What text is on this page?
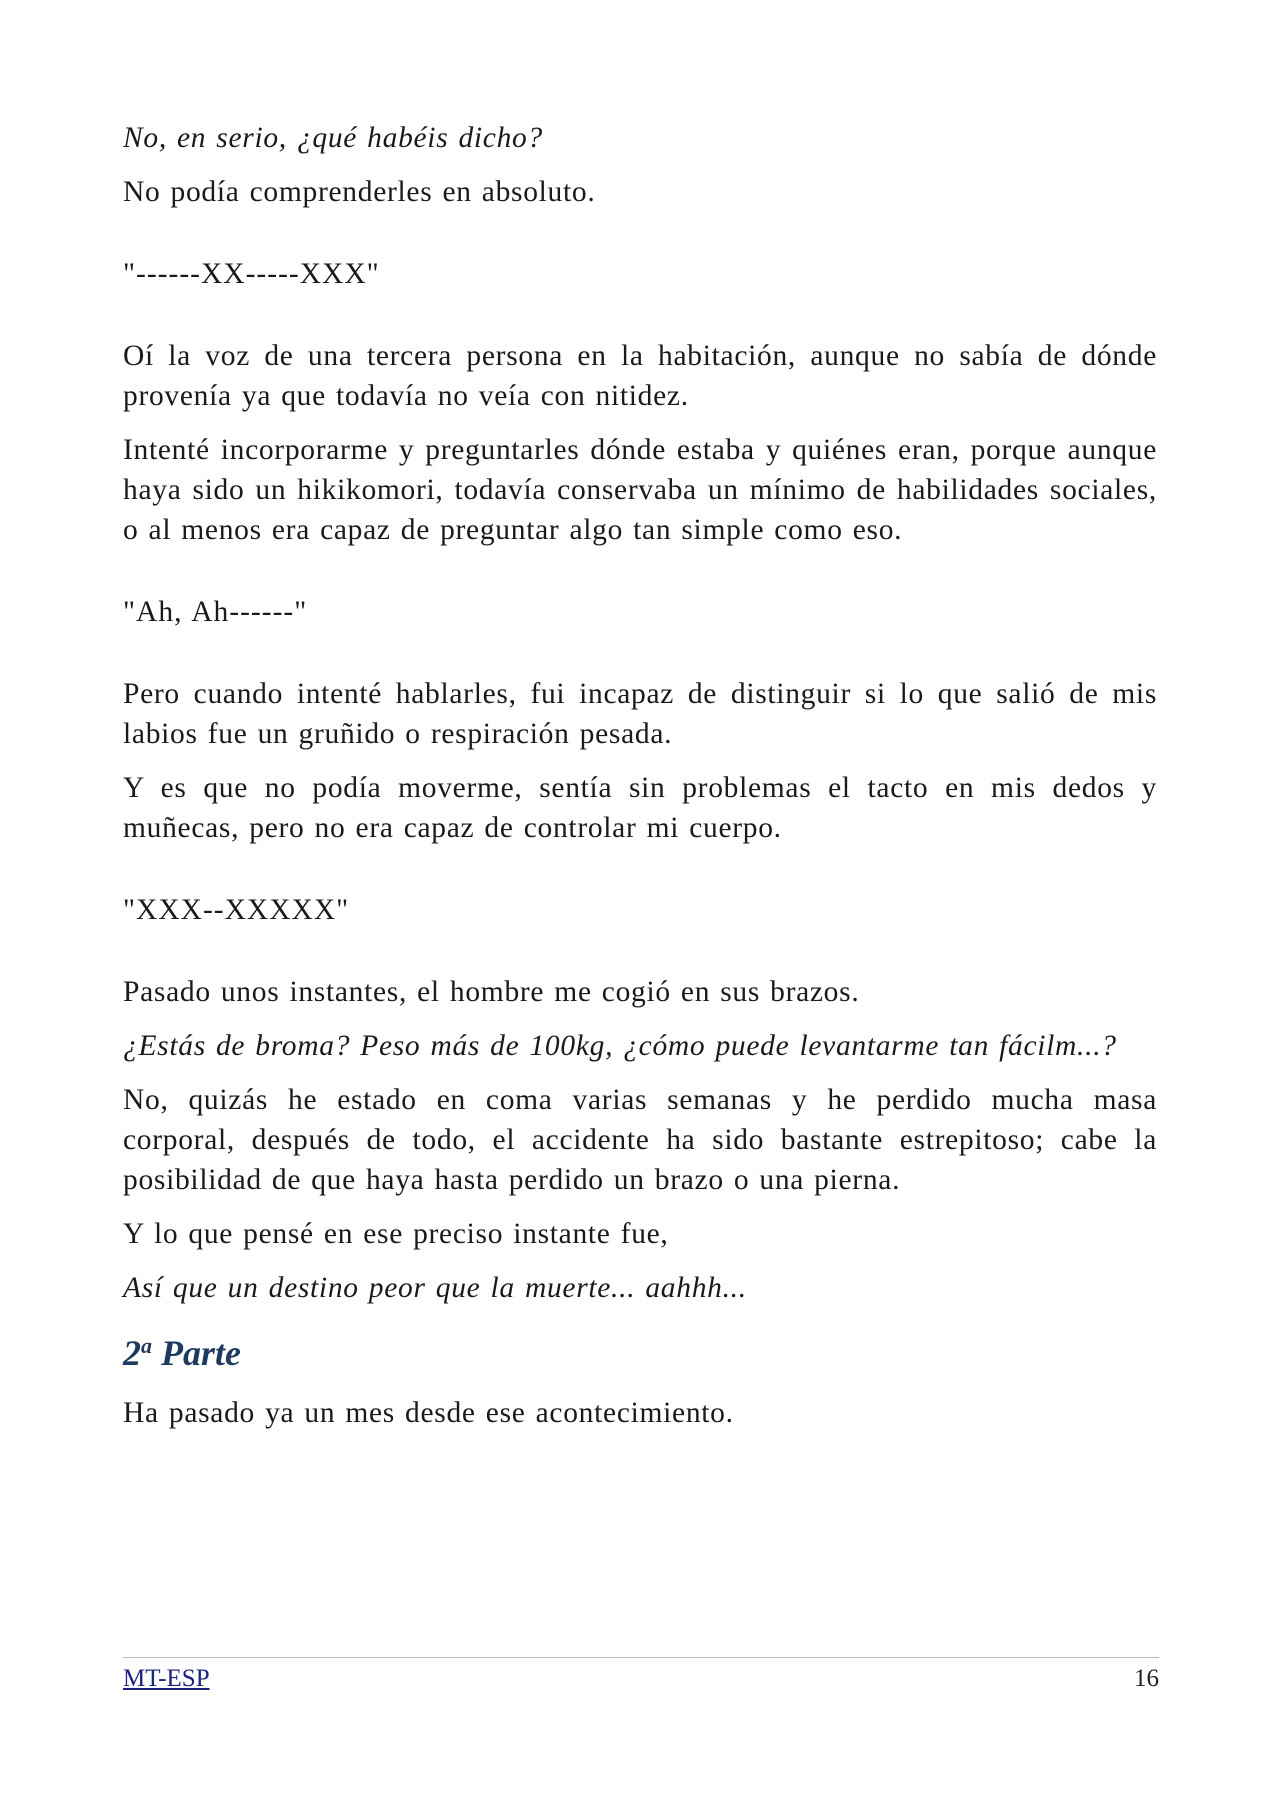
No, en serio, ¿qué habéis dicho?

No podía comprenderles en absoluto.

"------XX-----XXX"

Oí la voz de una tercera persona en la habitación, aunque no sabía de dónde provenía ya que todavía no veía con nitidez.

Intenté incorporarme y preguntarles dónde estaba y quiénes eran, porque aunque haya sido un hikikomori, todavía conservaba un mínimo de habilidades sociales, o al menos era capaz de preguntar algo tan simple como eso.

"Ah, Ah------"

Pero cuando intenté hablarles, fui incapaz de distinguir si lo que salió de mis labios fue un gruñido o respiración pesada.

Y es que no podía moverme, sentía sin problemas el tacto en mis dedos y muñecas, pero no era capaz de controlar mi cuerpo.

"XXX--XXXXX"

Pasado unos instantes, el hombre me cogió en sus brazos.

¿Estás de broma? Peso más de 100kg, ¿cómo puede levantarme tan fácilm...?

No, quizás he estado en coma varias semanas y he perdido mucha masa corporal, después de todo, el accidente ha sido bastante estrepitoso; cabe la posibilidad de que haya hasta perdido un brazo o una pierna.

Y lo que pensé en ese preciso instante fue,

Así que un destino peor que la muerte... aahhh...

2$^a$ Parte

Ha pasado ya un mes desde ese acontecimiento.

MT-ESP	16
